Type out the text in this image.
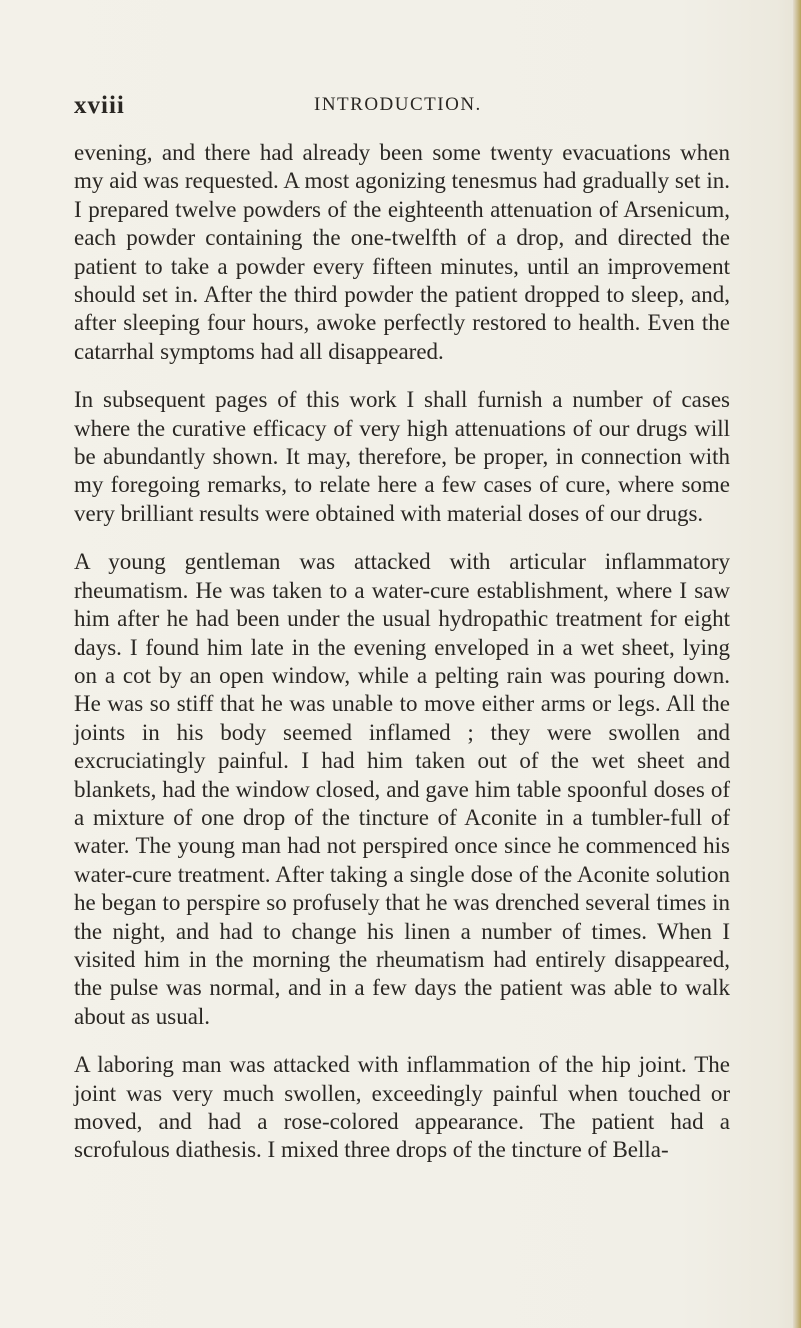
xviii	INTRODUCTION.

evening, and there had already been some twenty evacuations when my aid was requested. A most agonizing tenesmus had gradually set in. I prepared twelve powders of the eighteenth attenuation of Arsenicum, each powder containing the one-twelfth of a drop, and directed the patient to take a powder every fifteen minutes, until an improvement should set in. After the third powder the patient dropped to sleep, and, after sleeping four hours, awoke perfectly restored to health. Even the catarrhal symptoms had all disappeared.

In subsequent pages of this work I shall furnish a number of cases where the curative efficacy of very high attenuations of our drugs will be abundantly shown. It may, therefore, be proper, in connection with my foregoing remarks, to relate here a few cases of cure, where some very brilliant results were obtained with material doses of our drugs.

A young gentleman was attacked with articular inflammatory rheumatism. He was taken to a water-cure establishment, where I saw him after he had been under the usual hydropathic treatment for eight days. I found him late in the evening enveloped in a wet sheet, lying on a cot by an open window, while a pelting rain was pouring down. He was so stiff that he was unable to move either arms or legs. All the joints in his body seemed inflamed ; they were swollen and excruciatingly painful. I had him taken out of the wet sheet and blankets, had the window closed, and gave him table spoonful doses of a mixture of one drop of the tincture of Aconite in a tumbler-full of water. The young man had not perspired once since he commenced his water-cure treatment. After taking a single dose of the Aconite solution he began to perspire so profusely that he was drenched several times in the night, and had to change his linen a number of times. When I visited him in the morning the rheumatism had entirely disappeared, the pulse was normal, and in a few days the patient was able to walk about as usual.

A laboring man was attacked with inflammation of the hip joint. The joint was very much swollen, exceedingly painful when touched or moved, and had a rose-colored appearance. The patient had a scrofulous diathesis. I mixed three drops of the tincture of Bella-
